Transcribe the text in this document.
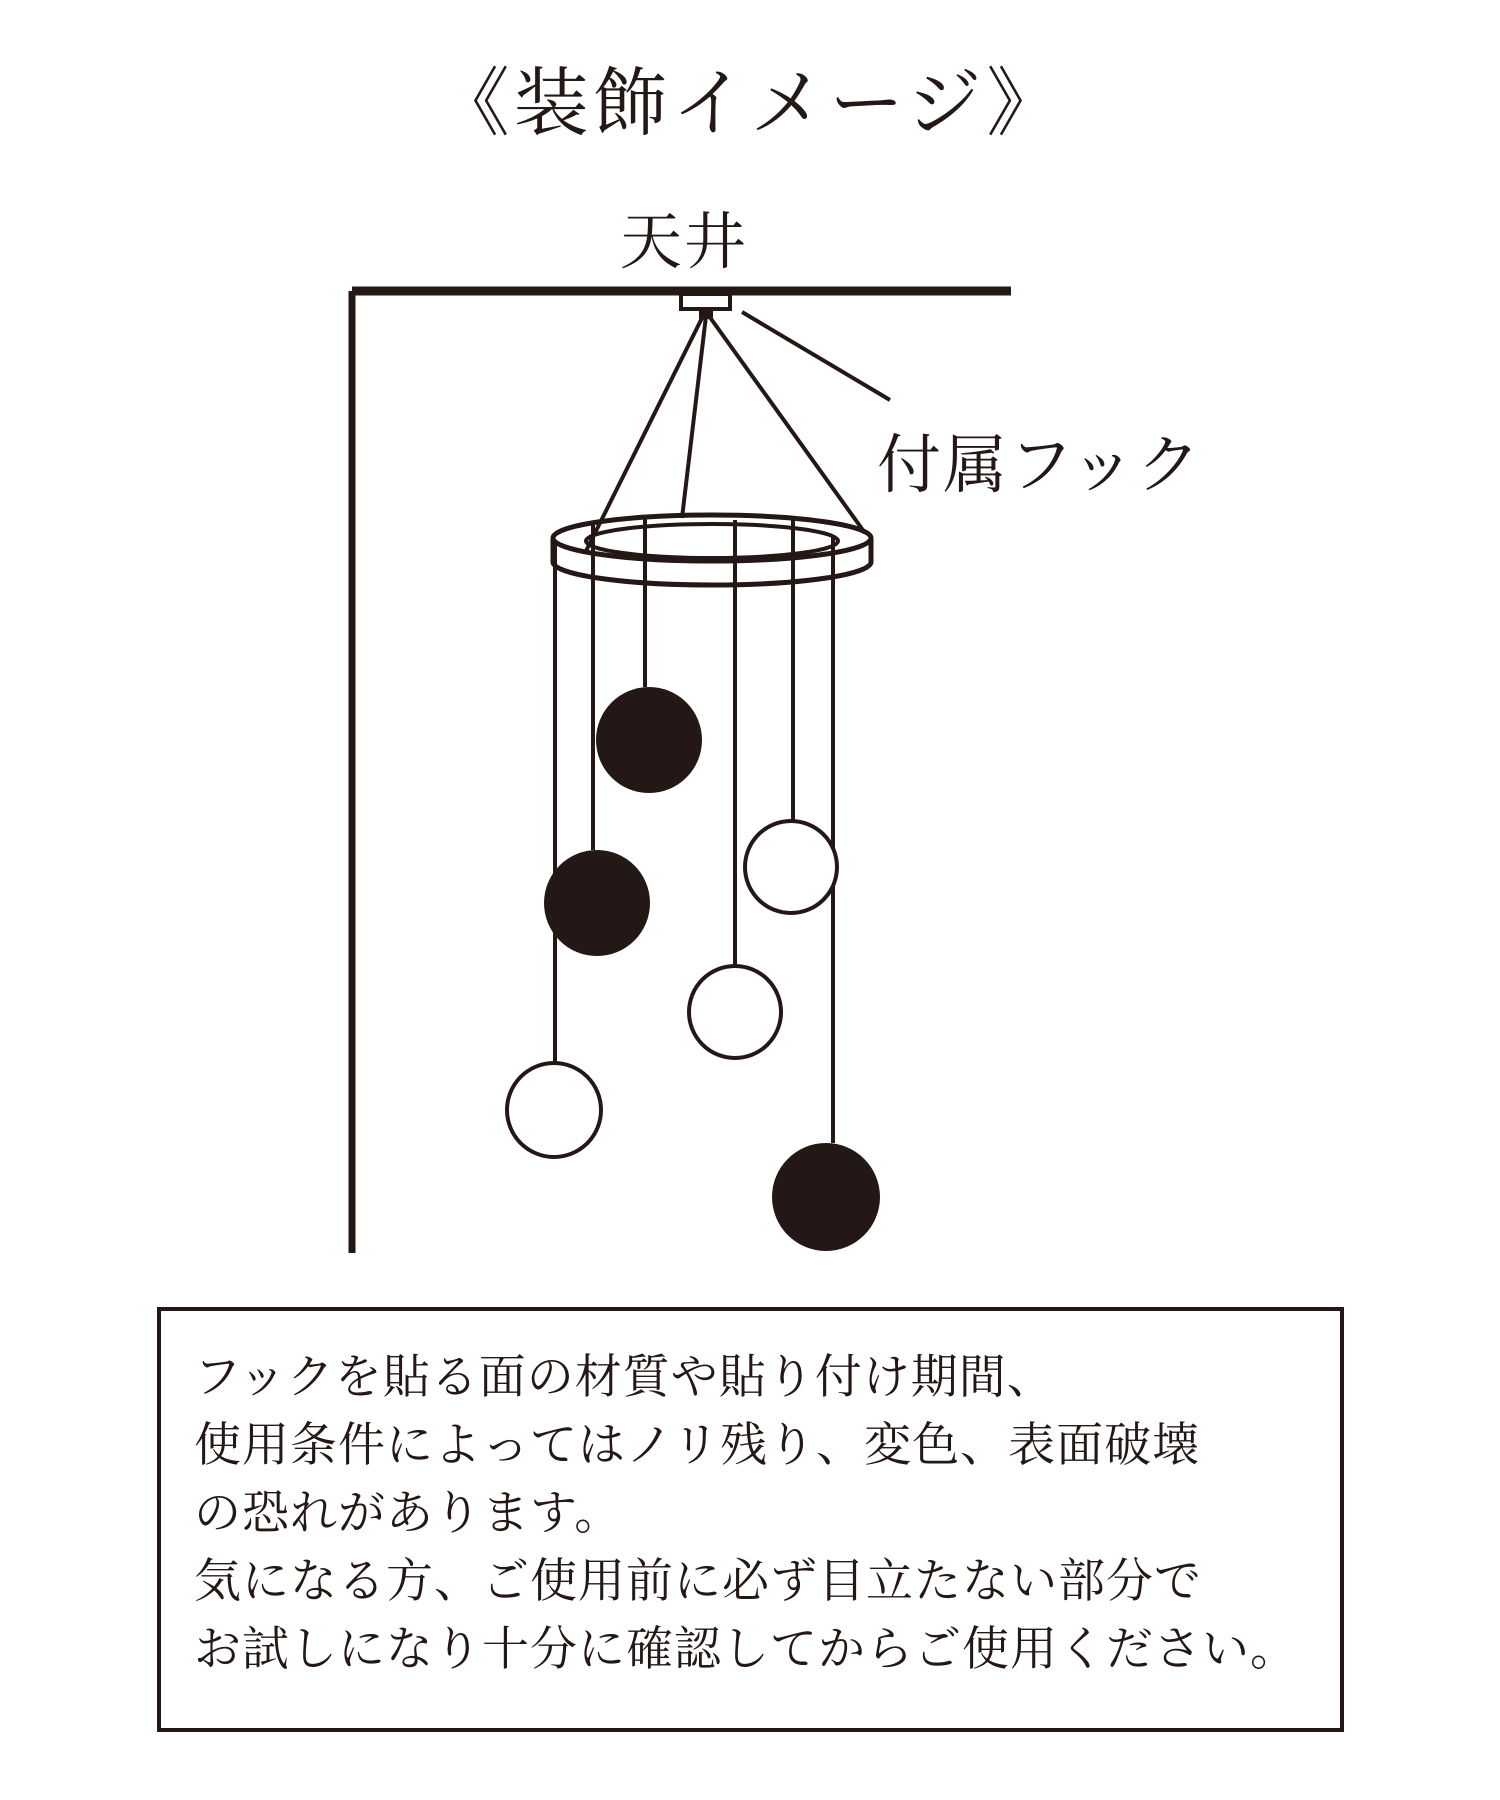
《装飾イメージ》
天井
付属フック

フックを貼る面の材質や貼り付け期間、

使用条件によってはノリ残り、変色、表面破壊

の恐れがあります。

気になる方、ご使用前に必ず目立たない部分で

お試しになり十分に確認してからご使用ください。
